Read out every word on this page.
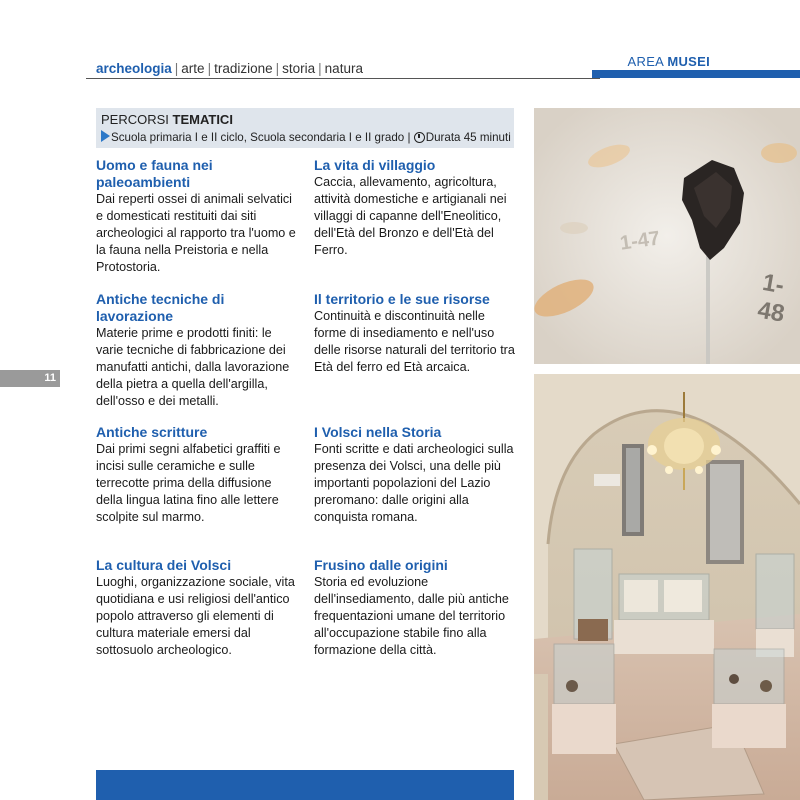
archeologia | arte | tradizione | storia | natura	AREA MUSEI
11
PERCORSI TEMATICI
Scuola primaria I e II ciclo, Scuola secondaria I e II grado | Durata 45 minuti
Uomo e fauna nei paleoambienti

Dai reperti ossei di animali selvatici e domesticati restituiti dai siti archeologici al rapporto tra l'uomo e la fauna nella Preistoria e nella Protostoria.

La vita di villaggio

Caccia, allevamento, agricoltura, attività domestiche e artigianali nei villaggi di capanne dell'Eneolitico, dell'Età del Bronzo e dell'Età del Ferro.

Antiche tecniche di lavorazione

Materie prime e prodotti finiti: le varie tecniche di fabbricazione dei manufatti antichi, dalla lavorazione della pietra a quella dell'argilla, dell'osso e dei metalli.

Il territorio e le sue risorse

Continuità e discontinuità nelle forme di insediamento e nell'uso delle risorse naturali del territorio tra Età del ferro ed Età arcaica.

Antiche scritture

Dai primi segni alfabetici graffiti e incisi sulle ceramiche e sulle terrecotte prima della diffusione della lingua latina fino alle lettere scolpite sul marmo.

I Volsci nella Storia

Fonti scritte e dati archeologici sulla presenza dei Volsci, una delle più importanti popolazioni del Lazio preromano: dalle origini alla conquista romana.

La cultura dei Volsci

Luoghi, organizzazione sociale, vita quotidiana e usi religiosi dell'antico popolo attraverso gli elementi di cultura materiale emersi dal sottosuolo archeologico.

Frusino dalle origini

Storia ed evoluzione dell'insediamento, dalle più antiche frequentazioni umane del territorio all'occupazione stabile fino alla formazione della città.

1-47
1-48
